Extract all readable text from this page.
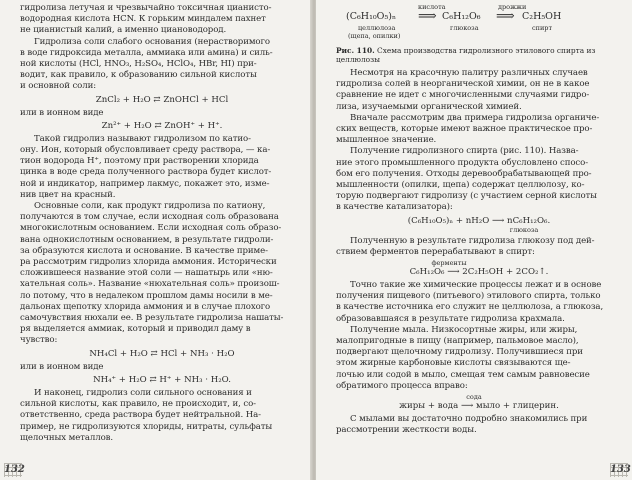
гидролиза летучая и чрезвычайно токсичная цианисто-

водородная кислота HCN. К горьким миндалем пахнет

не цианистый калий, а именно циановодород.

Гидролиза соли слабого основания (нерастворимого

в воде гидроксида металла, аммиака или амина) и силь-

ной кислоты (HCl, HNO₃, H₂SO₄, HClO₄, HBr, HI) при-

водит, как правило, к образованию сильной кислоты

и основной соли:

ZnCl₂ + H₂O ⇄ ZnOHCl + HCl

или в ионном виде

Zn²⁺ + H₂O ⇄ ZnOH⁺ + H⁺.

Такой гидролиз называют гидролизом по катио-

ону. Ион, который обусловливает среду раствора, — ка-

тион водорода H⁺, поэтому при растворении хлорида

цинка в воде среда полученного раствора будет кислот-

ной и индикатор, например лакмус, покажет это, изме-

нив цвет на красный.

Основные соли, как продукт гидролиза по катиону,

получаются в том случае, если исходная соль образована

многокислотным основанием. Если исходная соль образо-

вана однокислотным основанием, в результате гидроли-

за образуются кислота и основание. В качестве приме-

ра рассмотрим гидролиз хлорида аммония. Исторически

сложившееся название этой соли — нашатырь или «ню-

хательная соль». Название «нюхательная соль» произош-

ло потому, что в недалеком прошлом дамы носили в ме-

дальонах щепотку хлорида аммония и в случае плохого

самочувствия нюхали ее. В результате гидролиза нашаты-

ря выделяется аммиак, который и приводил даму в

чувство:

NH₄Cl + H₂O ⇄ HCl + NH₃ · H₂O

или в ионном виде

NH₄⁺ + H₂O ⇄ H⁺ + NH₃ · H₂O.

И наконец, гидролиз соли сильного основания и

сильной кислоты, как правило, не происходит, и, со-

ответственно, среда раствора будет нейтральной. На-

пример, не гидролизуются хлориды, нитраты, сульфаты

щелочных металлов.

132
кислота	дрожжи
(C₆H₁₀O₅)ₙ ⟹ C₆H₁₂O₆ ⟹ C₂H₅OH
целлюлоза
(щепа, опилки)
глюкоза	спирт

Рис. 110. Схема производства гидролизного этилового спирта из целлюлозы

Несмотря на красочную палитру различных случаев

гидролиза солей в неорганической химии, он не в какое

сравнение не идет с многочисленными случаями гидро-

лиза, изучаемыми органической химией.

Вначале рассмотрим два примера гидролиза органиче-

ских веществ, которые имеют важное практическое про-

мышленное значение.

Получение гидролизного спирта (рис. 110). Назва-

ние этого промышленного продукта обусловлено спосо-

бом его получения. Отходы деревообрабатывающей про-

мышленности (опилки, щепа) содержат целлюлозу, ко-

торую подвергают гидролизу (с участием серной кислоты

в качестве катализатора):

(C₆H₁₀O₅)ₙ + nH₂O ⟶ nC₆H₁₂O₆.

глюкоза

Полученную в результате гидролиза глюкозу под дей-

ствием ферментов перерабатывают в спирт:

ферменты

C₆H₁₂O₆ ⟶ 2C₂H₅OH + 2CO₂↑.

Точно такие же химические процессы лежат и в основе

получения пищевого (питьевого) этилового спирта, только

в качестве источника его служит не целлюлоза, а глюкоза,

образовавшаяся в результате гидролиза крахмала.

Получение мыла. Низкосортные жиры, или жиры,

малопригодные в пищу (например, пальмовое масло),

подвергают щелочному гидролизу. Получившиеся при

этом жирные карбоновые кислоты связываются ще-

лочью или содой в мыло, смещая тем самым равновесие

обратимого процесса вправо:

сода

жиры + вода ⟶ мыло + глицерин.

С мылами вы достаточно подробно знакомились при

рассмотрении жесткости воды.

133
